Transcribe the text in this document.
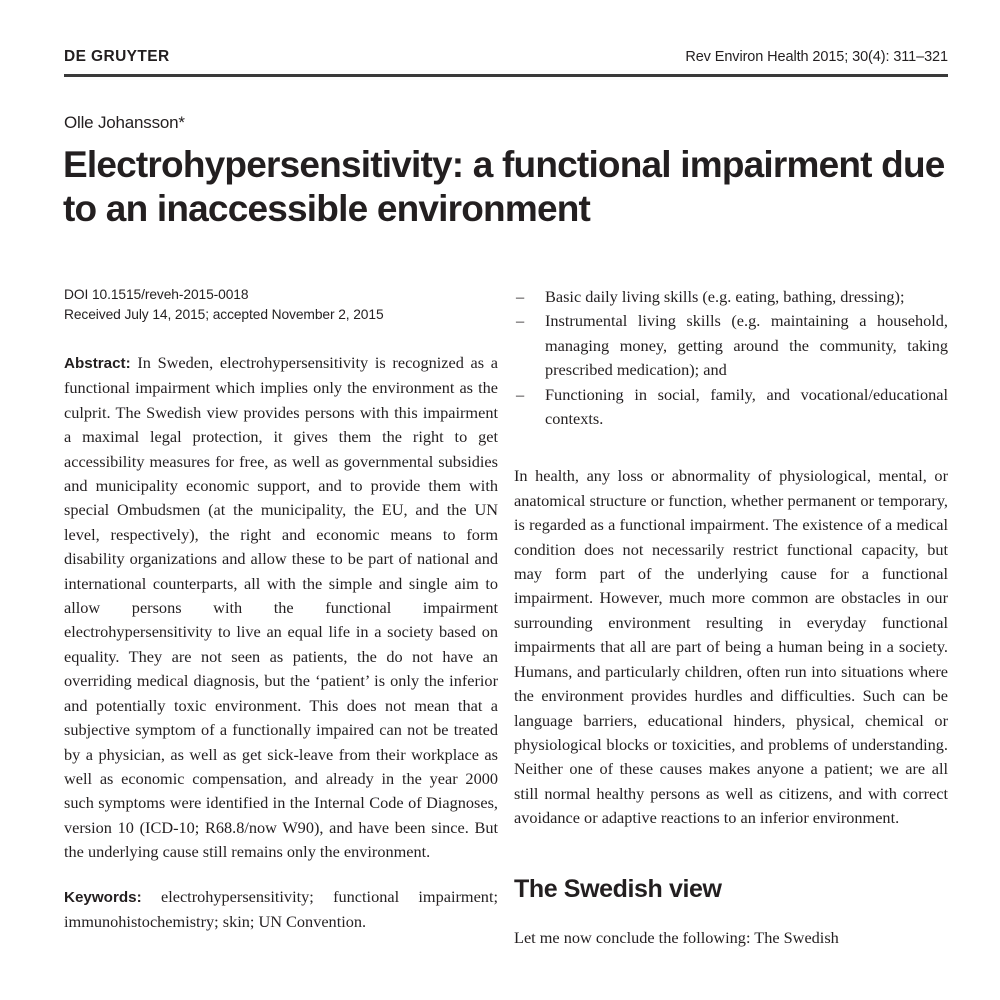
DE GRUYTER	Rev Environ Health 2015; 30(4): 311–321
Olle Johansson*
Electrohypersensitivity: a functional impairment due to an inaccessible environment
DOI 10.1515/reveh-2015-0018
Received July 14, 2015; accepted November 2, 2015

Abstract: In Sweden, electrohypersensitivity is recognized as a functional impairment which implies only the environment as the culprit. The Swedish view provides persons with this impairment a maximal legal protection, it gives them the right to get accessibility measures for free, as well as governmental subsidies and municipality economic support, and to provide them with special Ombudsmen (at the municipality, the EU, and the UN level, respectively), the right and economic means to form disability organizations and allow these to be part of national and international counterparts, all with the simple and single aim to allow persons with the functional impairment electrohypersensitivity to live an equal life in a society based on equality. They are not seen as patients, the do not have an overriding medical diagnosis, but the ‘patient’ is only the inferior and potentially toxic environment. This does not mean that a subjective symptom of a functionally impaired can not be treated by a physician, as well as get sick-leave from their workplace as well as economic compensation, and already in the year 2000 such symptoms were identified in the Internal Code of Diagnoses, version 10 (ICD-10; R68.8/now W90), and have been since. But the underlying cause still remains only the environment.

Keywords: electrohypersensitivity; functional impairment; immunohistochemistry; skin; UN Convention.

– Basic daily living skills (e.g. eating, bathing, dressing);
– Instrumental living skills (e.g. maintaining a household, managing money, getting around the community, taking prescribed medication); and
– Functioning in social, family, and vocational/educational contexts.

In health, any loss or abnormality of physiological, mental, or anatomical structure or function, whether permanent or temporary, is regarded as a functional impairment. The existence of a medical condition does not necessarily restrict functional capacity, but may form part of the underlying cause for a functional impairment. However, much more common are obstacles in our surrounding environment resulting in everyday functional impairments that all are part of being a human being in a society. Humans, and particularly children, often run into situations where the environment provides hurdles and difficulties. Such can be language barriers, educational hinders, physical, chemical or physiological blocks or toxicities, and problems of understanding. Neither one of these causes makes anyone a patient; we are all still normal healthy persons as well as citizens, and with correct avoidance or adaptive reactions to an inferior environment.

The Swedish view

Let me now conclude the following: The Swedish
